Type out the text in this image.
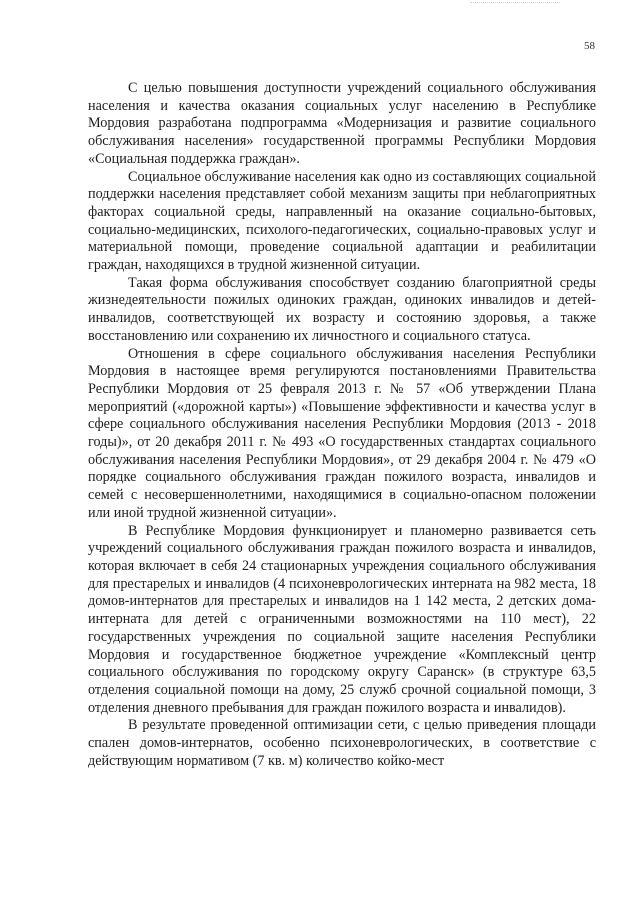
58

С целью повышения доступности учреждений социального обслуживания населения и качества оказания социальных услуг населению в Республике Мордовия разработана подпрограмма «Модернизация и развитие социального обслуживания населения» государственной программы Республики Мордовия «Социальная поддержка граждан».

Социальное обслуживание населения как одно из составляющих социальной поддержки населения представляет собой механизм защиты при неблагоприятных факторах социальной среды, направленный на оказание социально-бытовых, социально-медицинских, психолого-педагогических, социально-правовых услуг и материальной помощи, проведение социальной адаптации и реабилитации граждан, находящихся в трудной жизненной ситуации.

Такая форма обслуживания способствует созданию благоприятной среды жизнедеятельности пожилых одиноких граждан, одиноких инвалидов и детей-инвалидов, соответствующей их возрасту и состоянию здоровья, а также восстановлению или сохранению их личностного и социального статуса.

Отношения в сфере социального обслуживания населения Республики Мордовия в настоящее время регулируются постановлениями Правительства Республики Мордовия от 25 февраля 2013 г. № 57 «Об утверждении Плана мероприятий («дорожной карты») «Повышение эффективности и качества услуг в сфере социального обслуживания населения Республики Мордовия (2013 - 2018 годы)», от 20 декабря 2011 г. № 493 «О государственных стандартах социального обслуживания населения Республики Мордовия», от 29 декабря 2004 г. № 479 «О порядке социального обслуживания граждан пожилого возраста, инвалидов и семей с несовершеннолетними, находящимися в социально-опасном положении или иной трудной жизненной ситуации».

В Республике Мордовия функционирует и планомерно развивается сеть учреждений социального обслуживания граждан пожилого возраста и инвалидов, которая включает в себя 24 стационарных учреждения социального обслуживания для престарелых и инвалидов (4 психоневрологических интерната на 982 места, 18 домов-интернатов для престарелых и инвалидов на 1 142 места, 2 детских дома-интерната для детей с ограниченными возможностями на 110 мест), 22 государственных учреждения по социальной защите населения Республики Мордовия и государственное бюджетное учреждение «Комплексный центр социального обслуживания по городскому округу Саранск» (в структуре 63,5 отделения социальной помощи на дому, 25 служб срочной социальной помощи, 3 отделения дневного пребывания для граждан пожилого возраста и инвалидов).

В результате проведенной оптимизации сети, с целью приведения площади спален домов-интернатов, особенно психоневрологических, в соответствие с действующим нормативом (7 кв. м) количество койко-мест
